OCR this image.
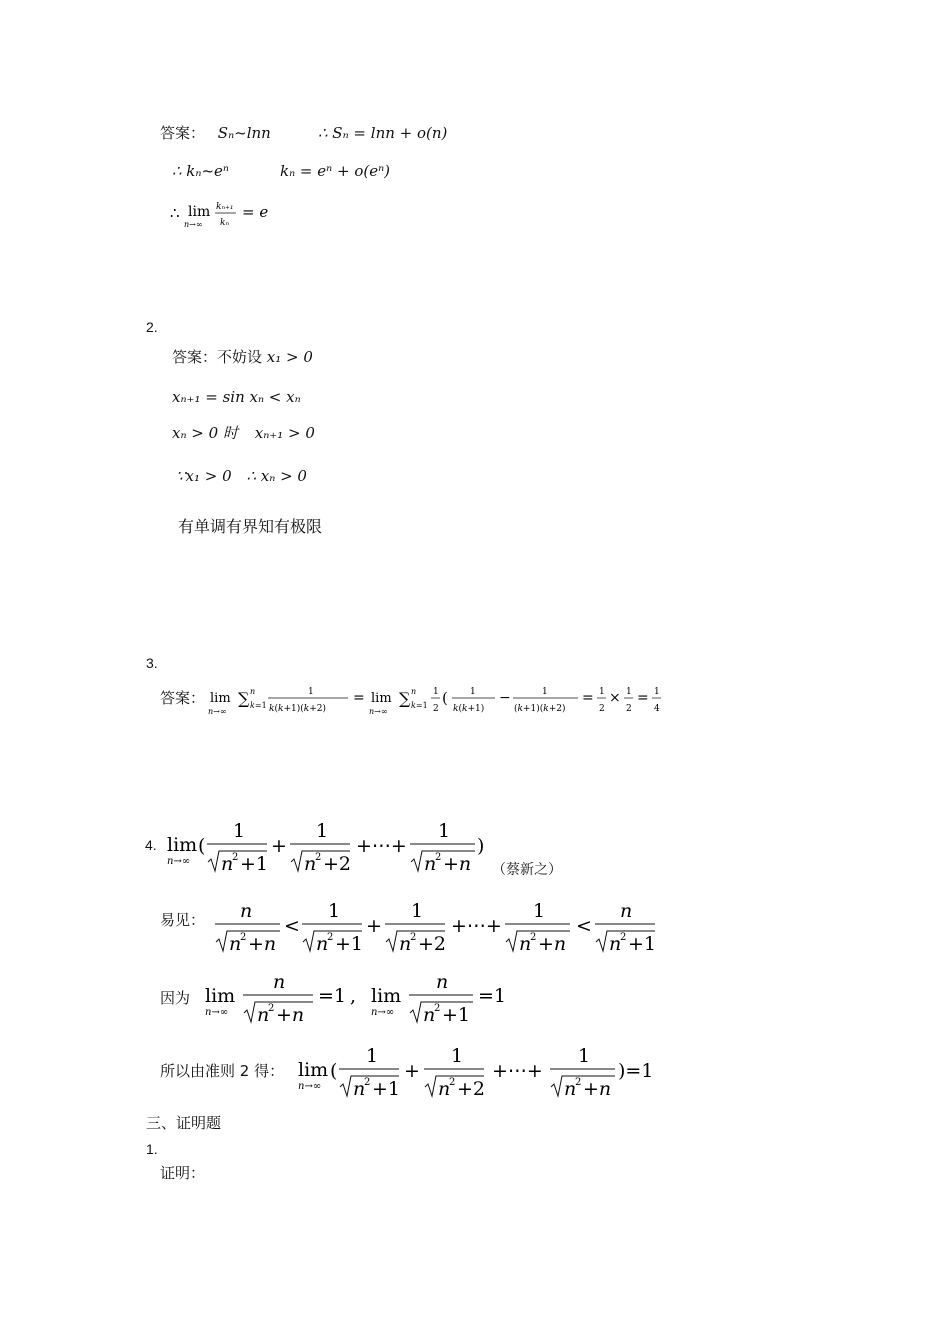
答案： Sₙ~lnn	∴ Sₙ = lnn + o(n)
∴ kₙ~eⁿ	kₙ = eⁿ + o(eⁿ)
∴ lim
n→∞
kₙ₊₁
kₙ
= e
2.
答案：不妨设 x₁ > 0
xₙ₊₁ = sin xₙ < xₙ
xₙ > 0 时 xₙ₊₁ > 0
∵x₁ > 0 ∴ xₙ > 0
有单调有界知有极限
3.
答案： lim
n→∞
∑ n
k=1
1
k(k+1)(k+2)
= lim
n→∞
∑ n
k=1
1
2
( 1
k(k+1)
−	1
(k+1)(k+2)
= 1
2
× 1
2
= 1
4
4. lim
n→∞
(
1
n
2 +1
+
1
n
2 +2
+⋯+
1
n
2 +n
)
（蔡新之）
易见： n
n
2 +n
<
1
n
2 +1
+
1
n
2 +2
+⋯+
1
n
2 +n
<
n
n
2 +1
因为 lim
n→∞
n
n
2 +n
=1 , lim
n→∞
n
n
2 +1
=1
所以由准则 2 得： lim
n→∞
(
1
n
2 +1
+
1
n
2 +2
+⋯+
1
n
2 +n
)=1
三、证明题
1.
证明：
